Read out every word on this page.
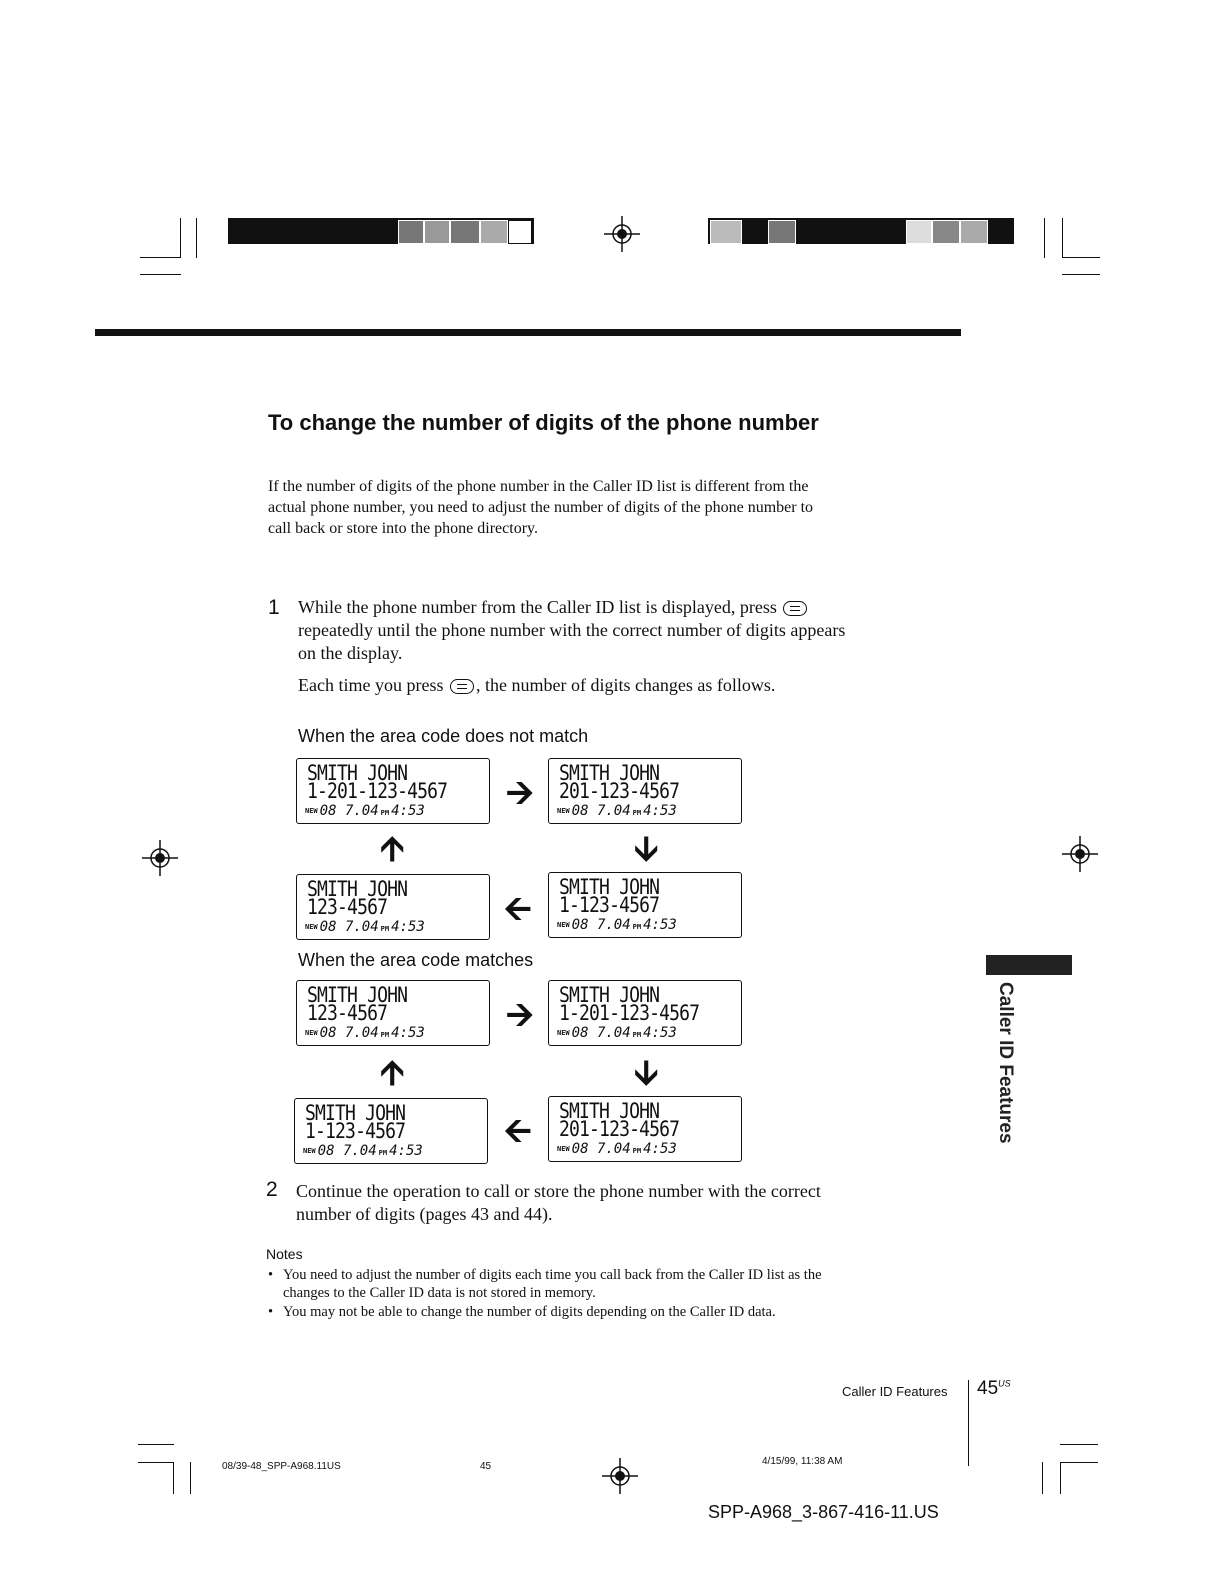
To change the number of digits of the phone number
If the number of digits of the phone number in the Caller ID list is different from the actual phone number, you need to adjust the number of digits of the phone number to call back or store into the phone directory.
1 While the phone number from the Caller ID list is displayed, press  repeatedly until the phone number with the correct number of digits appears on the display.
Each time you press , the number of digits changes as follows.
When the area code does not match
SMITH JOHN
1-201-123-4567
$^{NEW}$ 08 7.04 PM 4:53 🡪 SMITH JOHN
201-123-4567
$^{NEW}$ 08 7.04 PM 4:53
🡩	🡫
SMITH JOHN
123-4567
$^{NEW}$ 08 7.04 PM 4:53 🡨
SMITH JOHN
1-123-4567
$^{NEW}$ 08 7.04 PM 4:53
When the area code matches
SMITH JOHN
123-4567
$^{NEW}$ 08 7.04 PM 4:53 🡪 SMITH JOHN
1-201-123-4567
$^{NEW}$ 08 7.04 PM 4:53
🡩	🡫
SMITH JOHN
1-123-4567
$^{NEW}$ 08 7.04 PM 4:53 🡨 SMITH JOHN
201-123-4567
$^{NEW}$ 08 7.04 PM 4:53
2 Continue the operation to call or store the phone number with the correct number of digits (pages 43 and 44).
Notes
• You need to adjust the number of digits each time you call back from the Caller ID list as the changes to the Caller ID data is not stored in memory.
• You may not be able to change the number of digits depending on the Caller ID data.
Caller ID Features
Caller ID Features $45^{US}$
08/39-48_SPP-A968.11US	45	4/15/99, 11:38 AM
SPP-A968_3-867-416-11.US
